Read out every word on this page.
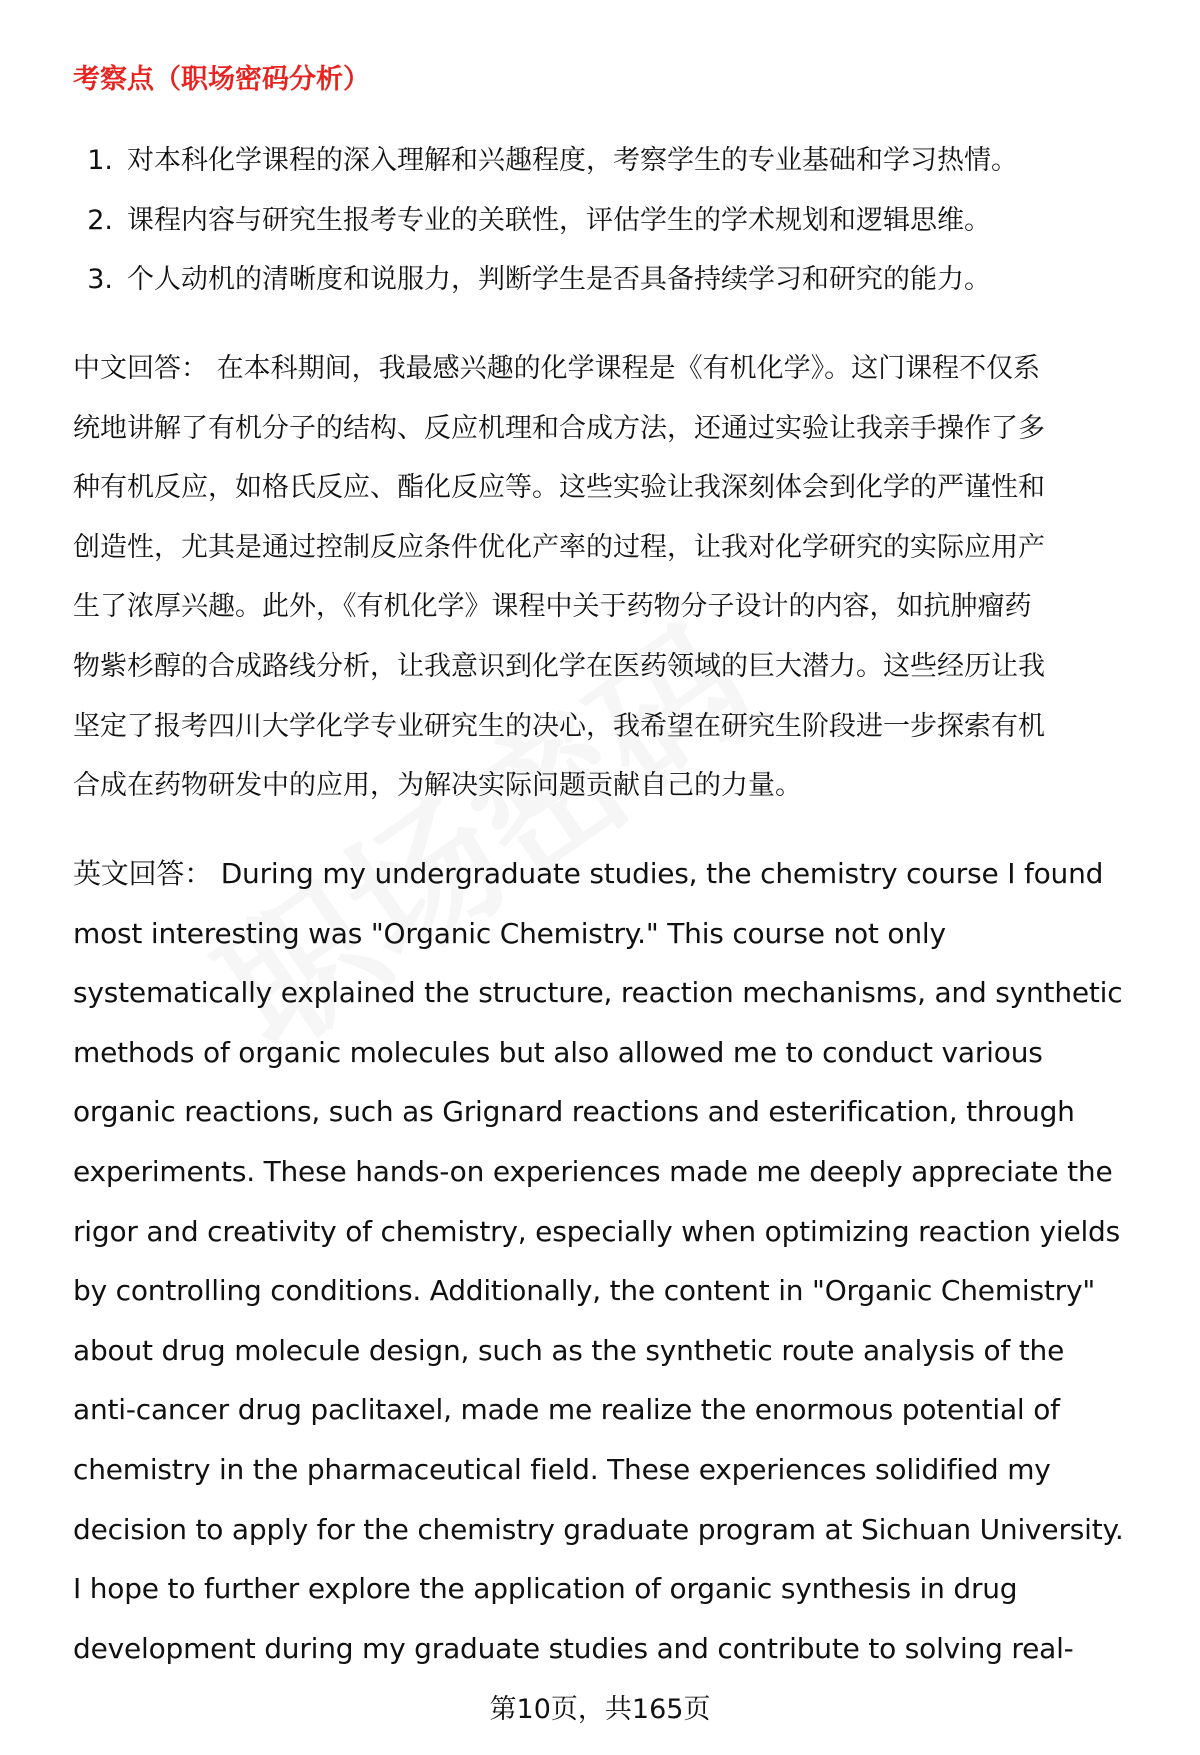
考察点（职场密码分析）
1. 对本科化学课程的深入理解和兴趣程度，考察学生的专业基础和学习热情。
2. 课程内容与研究生报考专业的关联性，评估学生的学术规划和逻辑思维。
3. 个人动机的清晰度和说服力，判断学生是否具备持续学习和研究的能力。
中文回答： 在本科期间，我最感兴趣的化学课程是《有机化学》。这门课程不仅系
统地讲解了有机分子的结构、反应机理和合成方法，还通过实验让我亲手操作了多
种有机反应，如格氏反应、酯化反应等。这些实验让我深刻体会到化学的严谨性和
创造性，尤其是通过控制反应条件优化产率的过程，让我对化学研究的实际应用产
生了浓厚兴趣。此外，《有机化学》课程中关于药物分子设计的内容，如抗肿瘤药
物紫杉醇的合成路线分析，让我意识到化学在医药领域的巨大潜力。这些经历让我
坚定了报考四川大学化学专业研究生的决心，我希望在研究生阶段进一步探索有机
合成在药物研发中的应用，为解决实际问题贡献自己的力量。
英文回答： During my undergraduate studies, the chemistry course I found
most interesting was "Organic Chemistry." This course not only
systematically explained the structure, reaction mechanisms, and synthetic
methods of organic molecules but also allowed me to conduct various
organic reactions, such as Grignard reactions and esterification, through
experiments. These hands-on experiences made me deeply appreciate the
rigor and creativity of chemistry, especially when optimizing reaction yields
by controlling conditions. Additionally, the content in "Organic Chemistry"
about drug molecule design, such as the synthetic route analysis of the
anti-cancer drug paclitaxel, made me realize the enormous potential of
chemistry in the pharmaceutical field. These experiences solidified my
decision to apply for the chemistry graduate program at Sichuan University.
I hope to further explore the application of organic synthesis in drug
development during my graduate studies and contribute to solving real-
第10页，共165页
